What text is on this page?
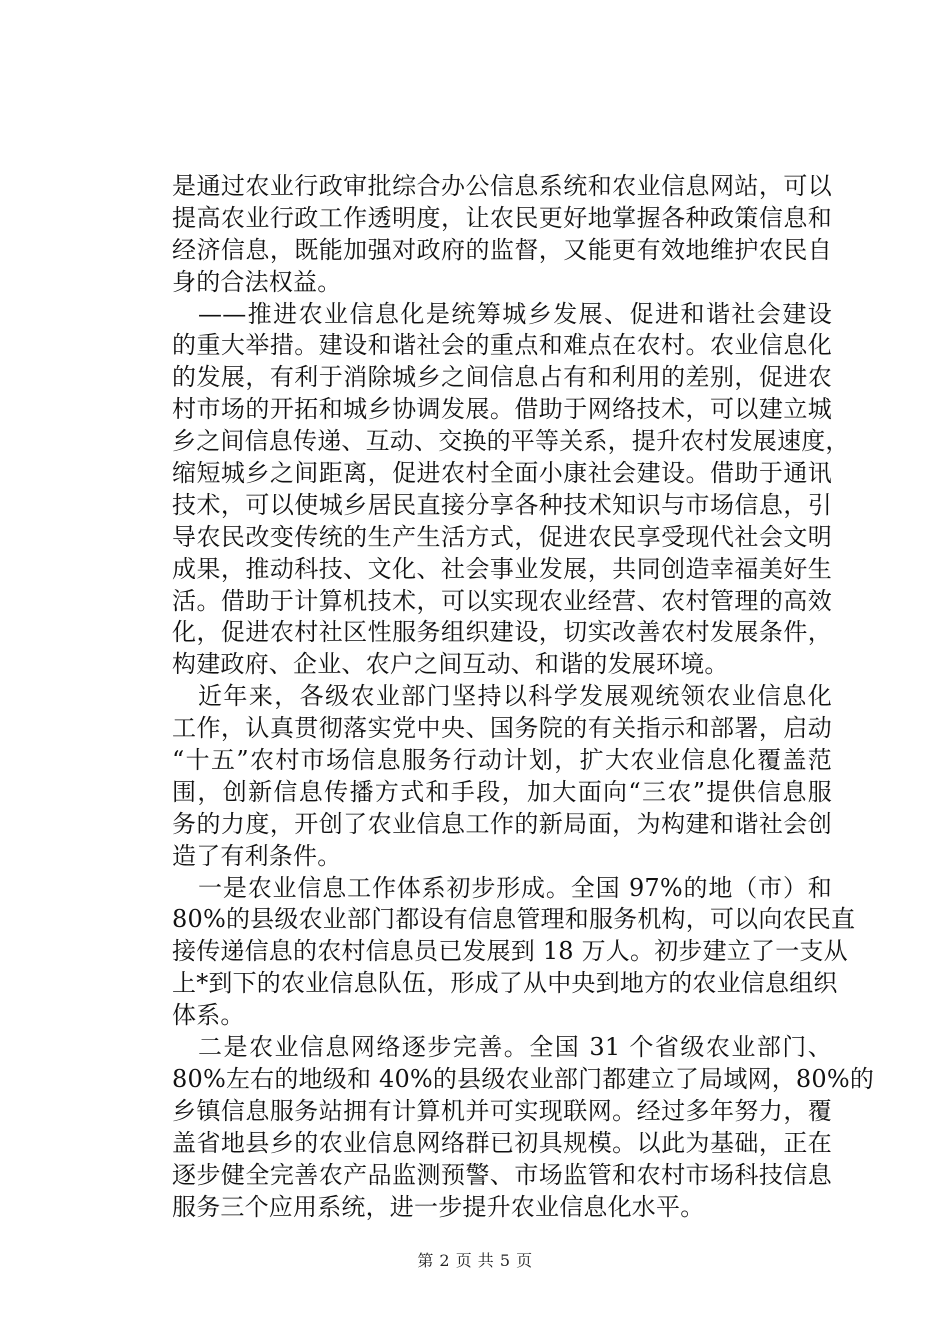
是通过农业行政审批综合办公信息系统和农业信息网站，可以
提高农业行政工作透明度，让农民更好地掌握各种政策信息和
经济信息，既能加强对政府的监督，又能更有效地维护农民自
身的合法权益。
——推进农业信息化是统筹城乡发展、促进和谐社会建设
的重大举措。建设和谐社会的重点和难点在农村。农业信息化
的发展，有利于消除城乡之间信息占有和利用的差别，促进农
村市场的开拓和城乡协调发展。借助于网络技术，可以建立城
乡之间信息传递、互动、交换的平等关系，提升农村发展速度，
缩短城乡之间距离，促进农村全面小康社会建设。借助于通讯
技术，可以使城乡居民直接分享各种技术知识与市场信息，引
导农民改变传统的生产生活方式，促进农民享受现代社会文明
成果，推动科技、文化、社会事业发展，共同创造幸福美好生
活。借助于计算机技术，可以实现农业经营、农村管理的高效
化，促进农村社区性服务组织建设，切实改善农村发展条件，
构建政府、企业、农户之间互动、和谐的发展环境。
近年来，各级农业部门坚持以科学发展观统领农业信息化
工作，认真贯彻落实党中央、国务院的有关指示和部署，启动
“十五”农村市场信息服务行动计划，扩大农业信息化覆盖范
围，创新信息传播方式和手段，加大面向“三农”提供信息服
务的力度，开创了农业信息工作的新局面，为构建和谐社会创
造了有利条件。
一是农业信息工作体系初步形成。全国 97%的地（市）和
80%的县级农业部门都设有信息管理和服务机构，可以向农民直
接传递信息的农村信息员已发展到 18 万人。初步建立了一支从
上*到下的农业信息队伍，形成了从中央到地方的农业信息组织
体系。
二是农业信息网络逐步完善。全国 31 个省级农业部门、
80%左右的地级和 40%的县级农业部门都建立了局域网，80%的
乡镇信息服务站拥有计算机并可实现联网。经过多年努力，覆
盖省地县乡的农业信息网络群已初具规模。以此为基础，正在
逐步健全完善农产品监测预警、市场监管和农村市场科技信息
服务三个应用系统，进一步提升农业信息化水平。
第 2 页 共 5 页
